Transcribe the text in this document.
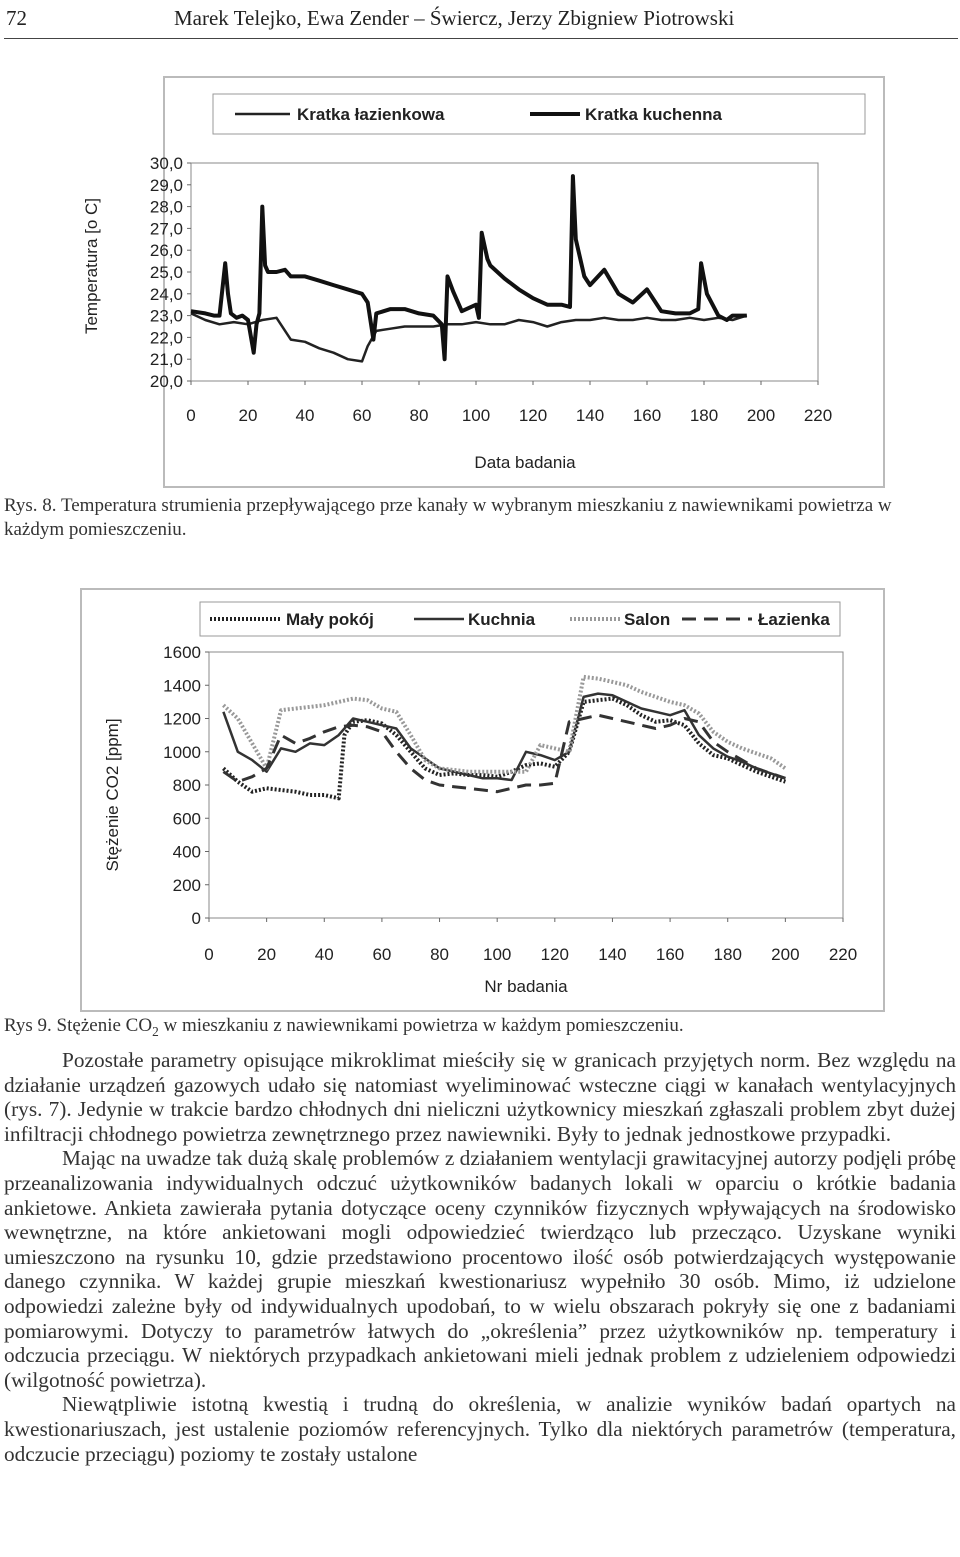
72	Marek Telejko, Ewa Zender – Świercz, Jerzy Zbigniew Piotrowski
20,0
21,0
22,0
23,0
24,0
25,0
26,0
27,0
28,0
29,0
30,0
0	20 40 60 80 100 120 140 160 180 200 220
Data badania
Temperatura [o C]
Kratka łazienkowa	Kratka kuchenna
Rys. 8. Temperatura strumienia przepływającego prze kanały w wybranym mieszkaniu z nawiewnikami powietrza w każdym pomieszczeniu.
0
200
400
600
800
1000
1200
1400
1600
0	20 40 60 80 100 120 140 160 180 200 220
Nr badania
Stężenie CO2 [ppm]
Mały pokój	Kuchnia	Salon	Łazienka
Rys 9. Stężenie $CO_2$ w mieszkaniu z nawiewnikami powietrza w każdym pomieszczeniu.

Pozostałe parametry opisujące mikroklimat mieściły się w granicach przyjętych norm. Bez względu na działanie urządzeń gazowych udało się natomiast wyeliminować wsteczne ciągi w kanałach wentylacyjnych (rys. 7). Jedynie w trakcie bardzo chłodnych dni nieliczni użytkownicy mieszkań zgłaszali problem zbyt dużej infiltracji chłodnego powietrza zewnętrznego przez nawiewniki. Były to jednak jednostkowe przypadki.

Mając na uwadze tak dużą skalę problemów z działaniem wentylacji grawitacyjnej autorzy podjęli próbę przeanalizowania indywidualnych odczuć użytkowników badanych lokali w oparciu o krótkie badania ankietowe. Ankieta zawierała pytania dotyczące oceny czynników fizycznych wpływających na środowisko wewnętrzne, na które ankietowani mogli odpowiedzieć twierdząco lub przecząco. Uzyskane wyniki umieszczono na rysunku 10, gdzie przedstawiono procentowo ilość osób potwierdzających występowanie danego czynnika. W każdej grupie mieszkań kwestionariusz wypełniło 30 osób. Mimo, iż udzielone odpowiedzi zależne były od indywidualnych upodobań, to w wielu obszarach pokryły się one z badaniami pomiarowymi. Dotyczy to parametrów łatwych do „określenia” przez użytkowników np. temperatury i odczucia przeciągu. W niektórych przypadkach ankietowani mieli jednak problem z udzieleniem odpowiedzi (wilgotność powietrza).

Niewątpliwie istotną kwestią i trudną do określenia, w analizie wyników badań opartych na kwestionariuszach, jest ustalenie poziomów referencyjnych. Tylko dla niektórych parametrów (temperatura, odczucie przeciągu) poziomy te zostały ustalone
